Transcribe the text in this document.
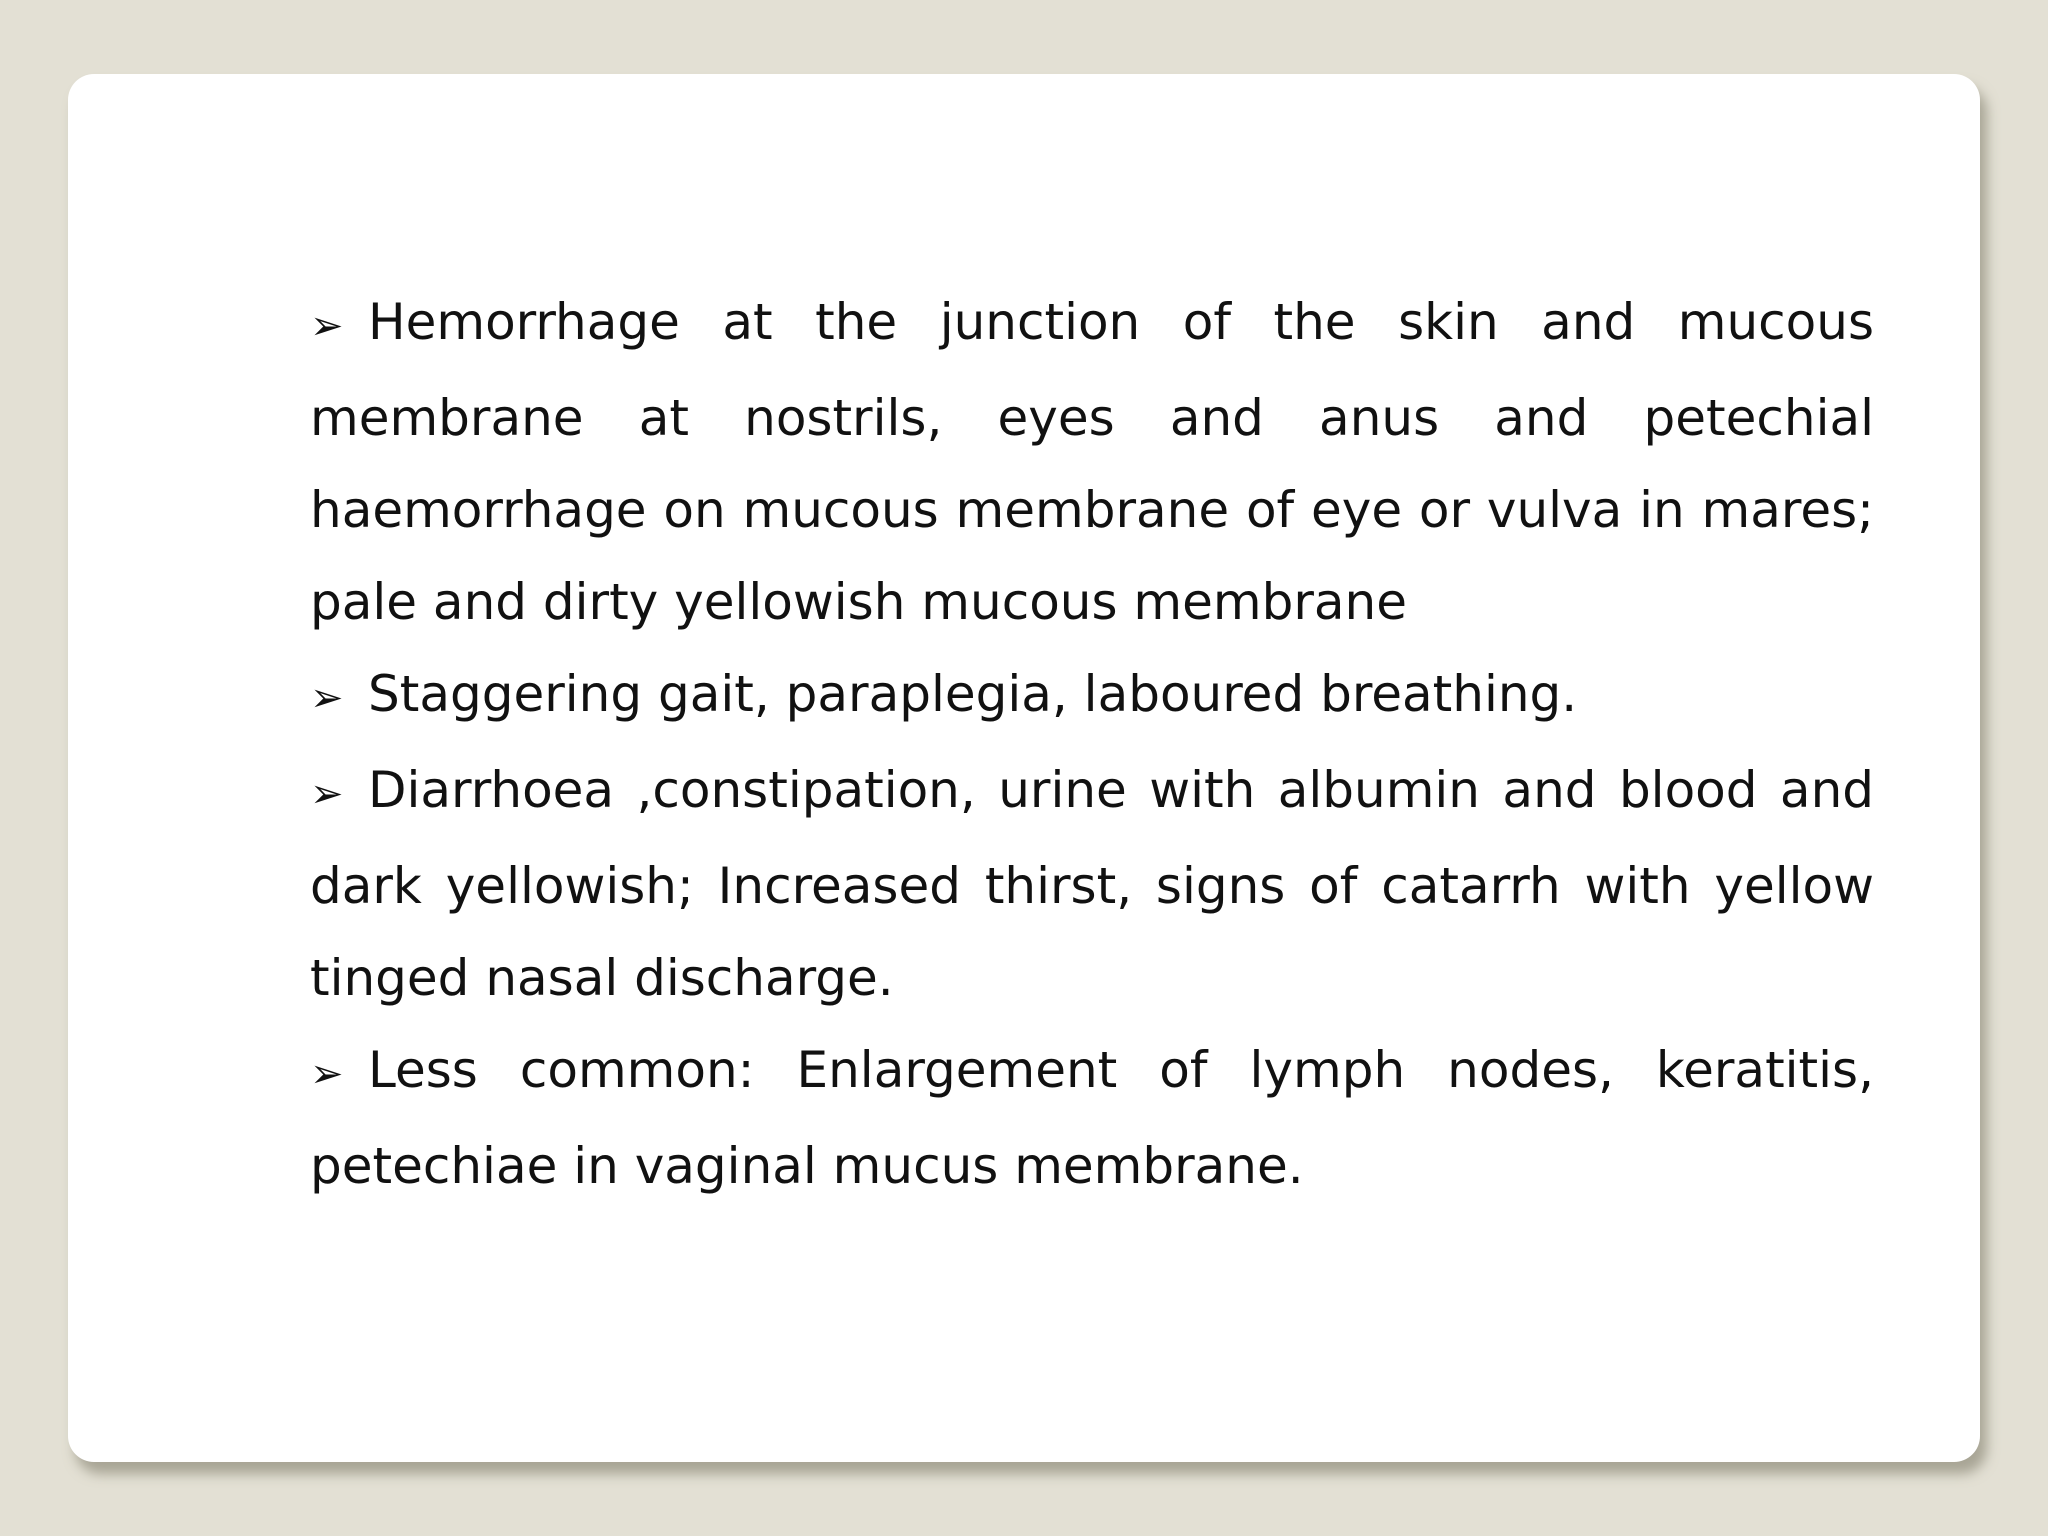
➢ Hemorrhage at the junction of the skin and mucous membrane at nostrils, eyes and anus and petechial haemorrhage on mucous membrane of eye or vulva in mares; pale and dirty yellowish mucous membrane

➢ Staggering gait, paraplegia, laboured breathing.

➢ Diarrhoea ,constipation, urine with albumin and blood and dark yellowish; Increased thirst, signs of catarrh with yellow tinged nasal discharge.

➢ Less common: Enlargement of lymph nodes, keratitis, petechiae in vaginal mucus membrane.
